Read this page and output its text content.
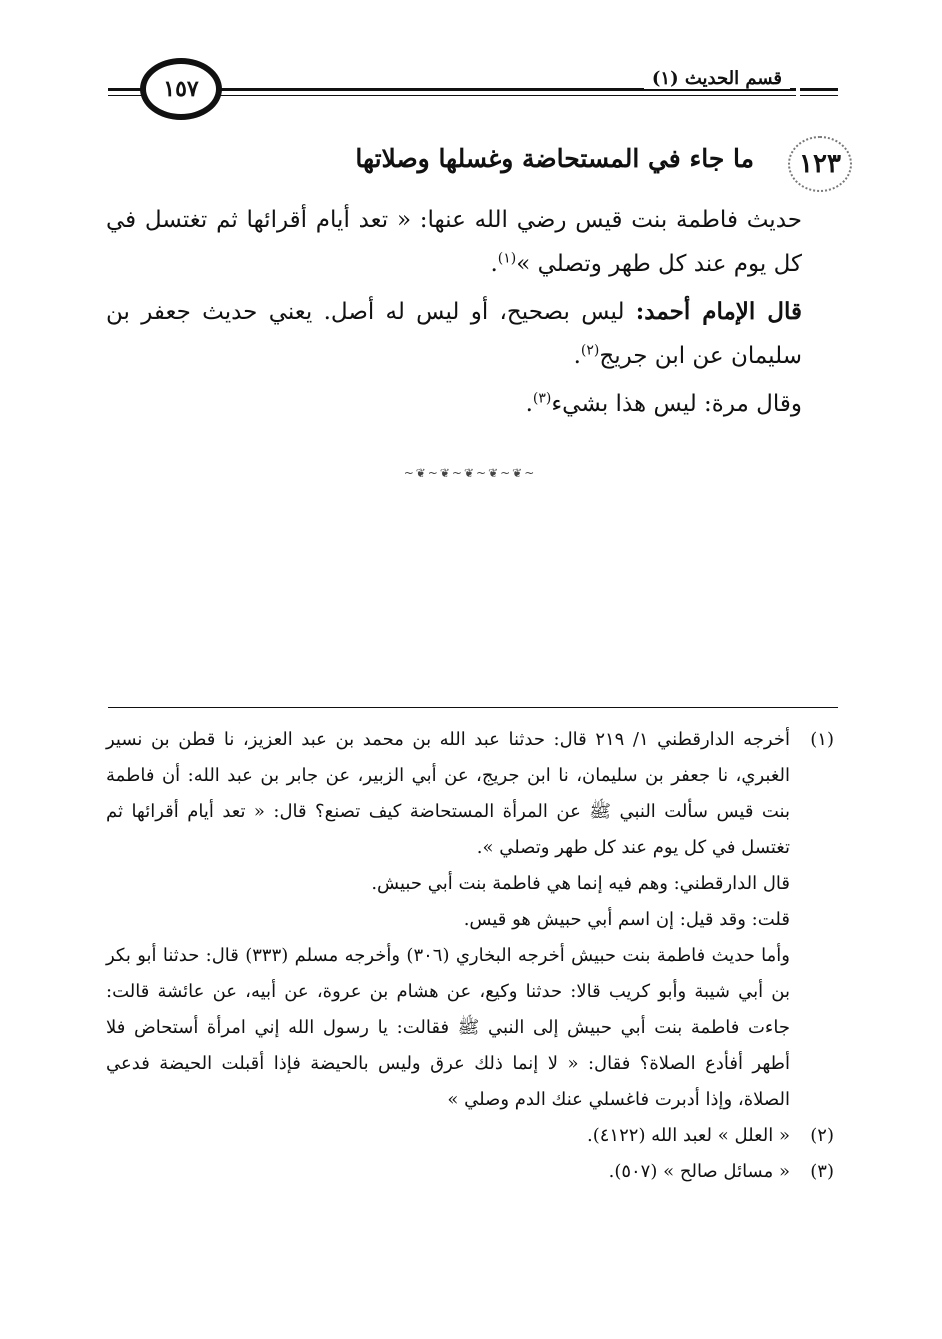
١٥٧	قسم الحديث (١)
١٢٣
ما جاء في المستحاضة وغسلها وصلاتها

حديث فاطمة بنت قيس رضي الله عنها: « تعد أيام أقرائها ثم تغتسل في كل يوم عند كل طهر وتصلي »$^{(١)}$.

قال الإمام أحمد: ليس بصحيح، أو ليس له أصل. يعني حديث جعفر بن سليمان عن ابن جريج$^{(٢)}$.

وقال مرة: ليس هذا بشيء$^{(٣)}$.

~❦~❦~❦~❦~❦~
(١)

أخرجه الدارقطني ١/ ٢١٩ قال: حدثنا عبد الله بن محمد بن عبد العزيز، نا قطن بن نسير الغبري، نا جعفر بن سليمان، نا ابن جريج، عن أبي الزبير، عن جابر بن عبد الله: أن فاطمة بنت قيس سألت النبي ﷺ عن المرأة المستحاضة كيف تصنع؟ قال: « تعد أيام أقرائها ثم تغتسل في كل يوم عند كل طهر وتصلي ».

قال الدارقطني: وهم فيه إنما هي فاطمة بنت أبي حبيش.

قلت: وقد قيل: إن اسم أبي حبيش هو قيس.

وأما حديث فاطمة بنت حبيش أخرجه البخاري (٣٠٦) وأخرجه مسلم (٣٣٣) قال: حدثنا أبو بكر بن أبي شيبة وأبو كريب قالا: حدثنا وكيع، عن هشام بن عروة، عن أبيه، عن عائشة قالت: جاءت فاطمة بنت أبي حبيش إلى النبي ﷺ فقالت: يا رسول الله إني امرأة أستحاض فلا أطهر أفأدع الصلاة؟ فقال: « لا إنما ذلك عرق وليس بالحيضة فإذا أقبلت الحيضة فدعي الصلاة، وإذا أدبرت فاغسلي عنك الدم وصلي »

(٢)

« العلل » لعبد الله (٤١٢٢).

(٣)

« مسائل صالح » (٥٠٧).
